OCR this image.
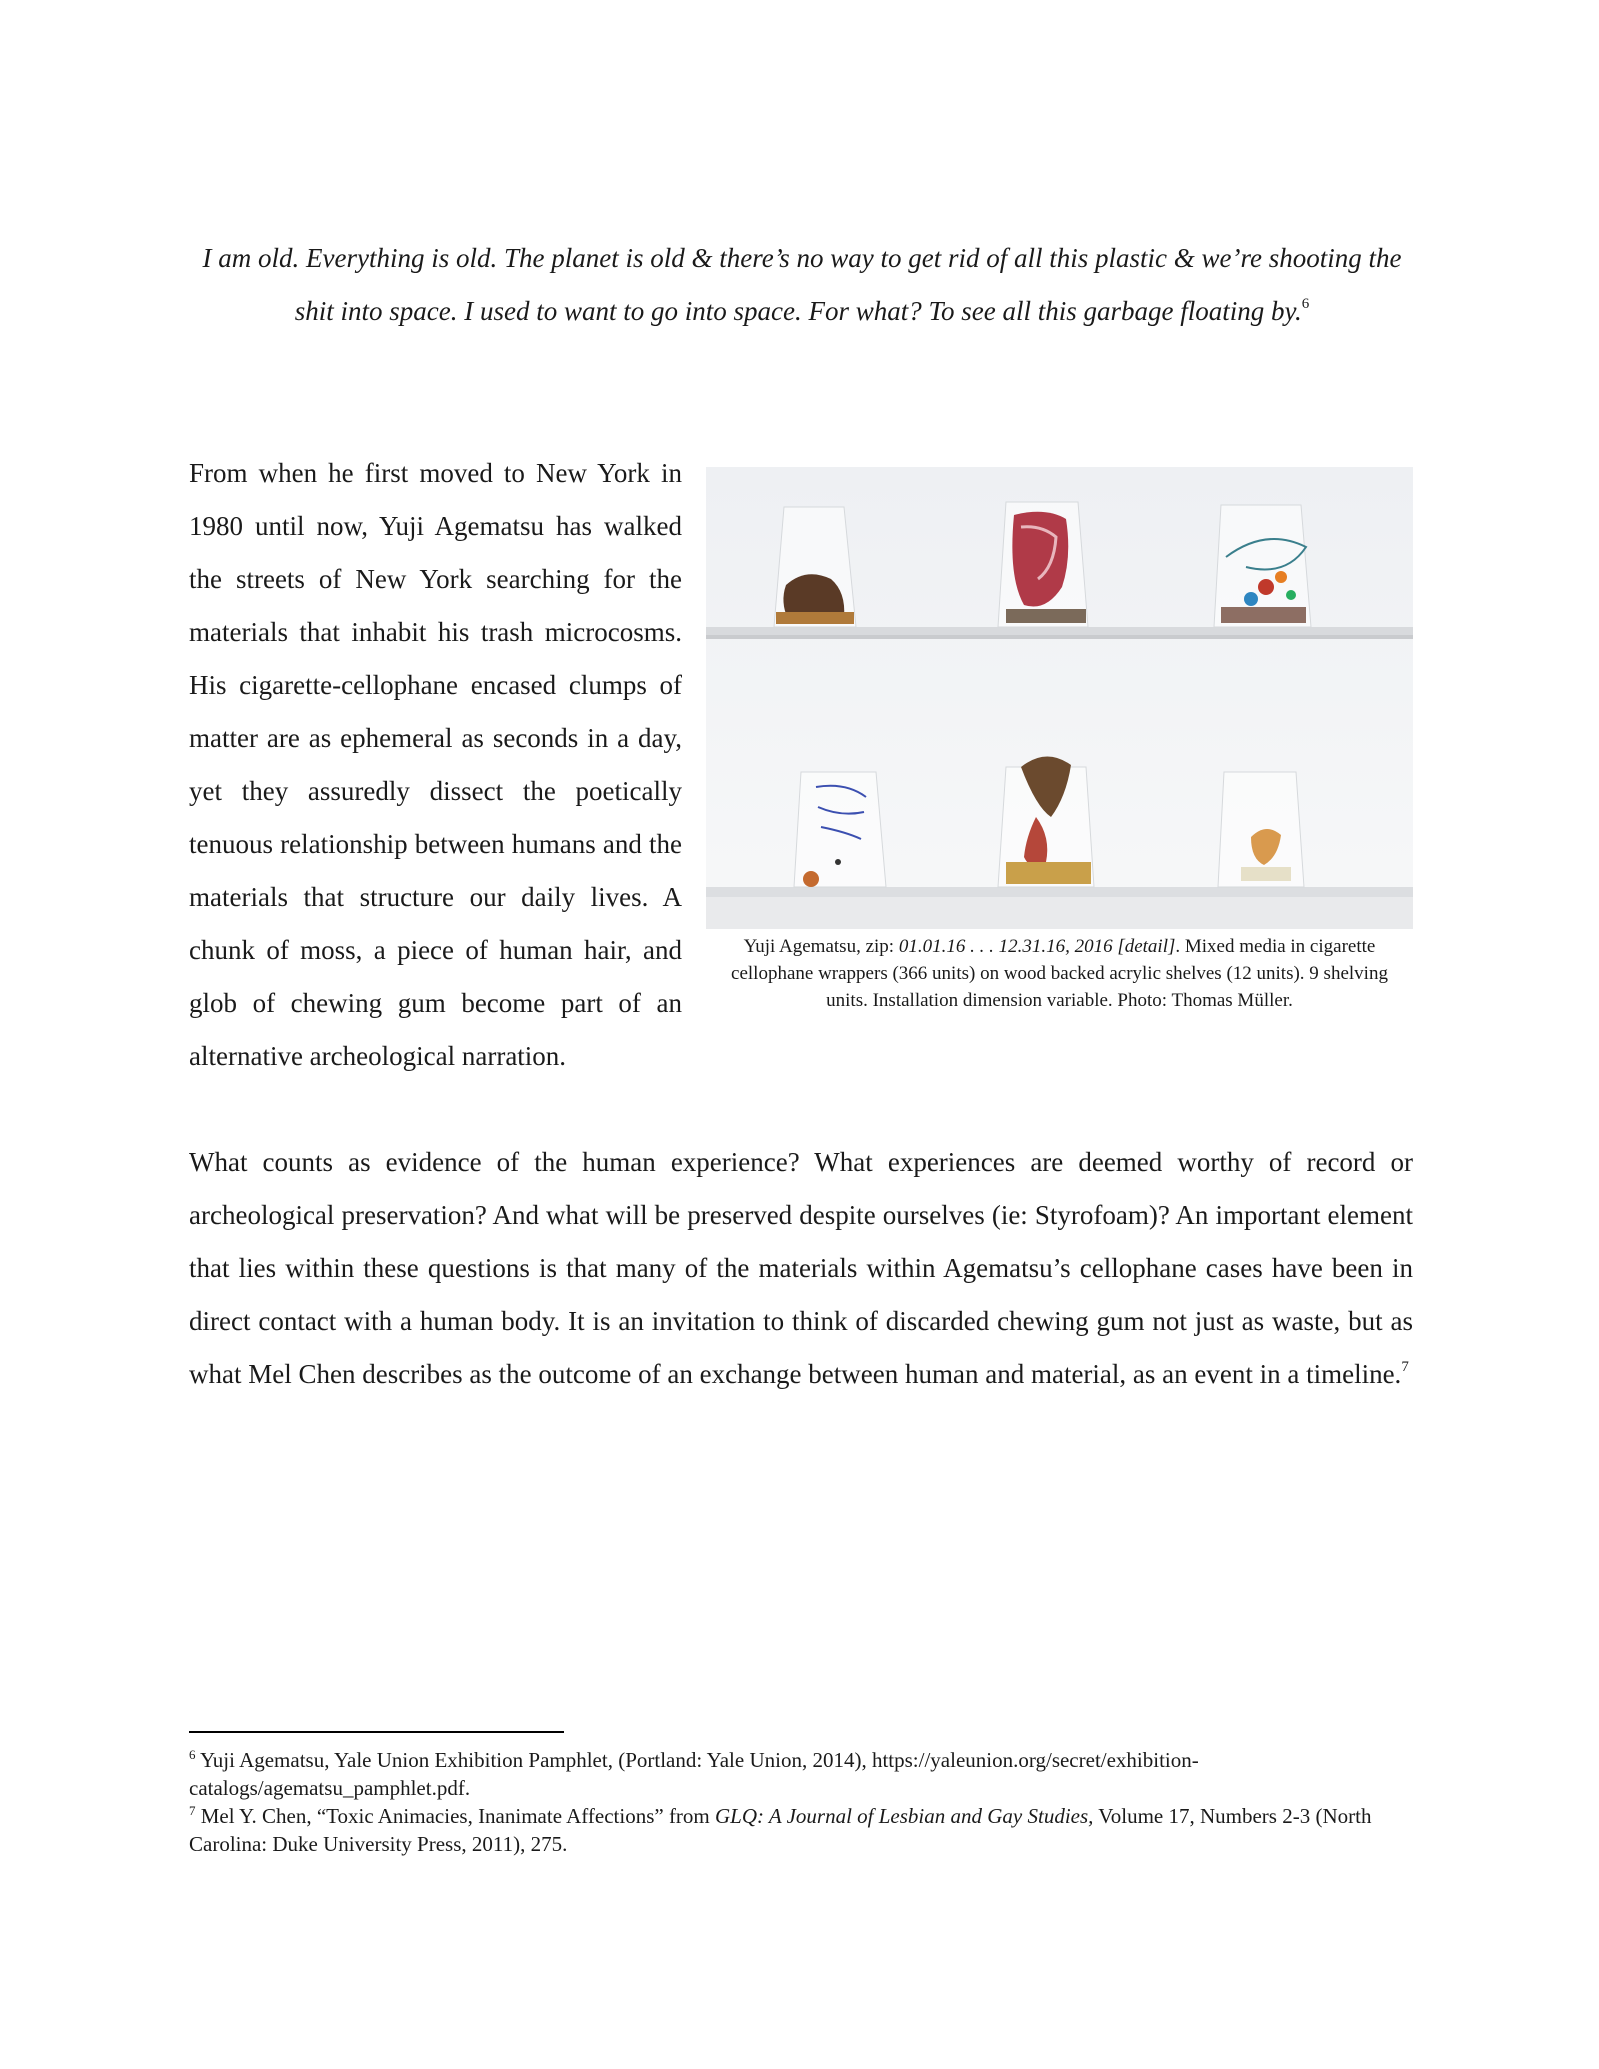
I am old. Everything is old. The planet is old & there’s no way to get rid of all this plastic & we’re shooting the shit into space. I used to want to go into space. For what? To see all this garbage floating by.$^6$
Yuji Agematsu, zip: 01.01.16 . . . 12.31.16, 2016 [detail]. Mixed media in cigarette cellophane wrappers (366 units) on wood backed acrylic shelves (12 units). 9 shelving units. Installation dimension variable. Photo: Thomas Müller.

From when he first moved to New York in 1980 until now, Yuji Agematsu has walked the streets of New York searching for the materials that inhabit his trash microcosms. His cigarette-cellophane encased clumps of matter are as ephemeral as seconds in a day, yet they assuredly dissect the poetically tenuous relationship between humans and the materials that structure our daily lives. A chunk of moss, a piece of human hair, and glob of chewing gum become part of an alternative archeological narration.

What counts as evidence of the human experience? What experiences are deemed worthy of record or archeological preservation? And what will be preserved despite ourselves (ie: Styrofoam)? An important element that lies within these questions is that many of the materials within Agematsu’s cellophane cases have been in direct contact with a human body. It is an invitation to think of discarded chewing gum not just as waste, but as what Mel Chen describes as the outcome of an exchange between human and material, as an event in a timeline.$^7$

$^6$ Yuji Agematsu, Yale Union Exhibition Pamphlet, (Portland: Yale Union, 2014), https://yaleunion.org/secret/exhibition-catalogs/agematsu_pamphlet.pdf.

$^7$ Mel Y. Chen, “Toxic Animacies, Inanimate Affections” from GLQ: A Journal of Lesbian and Gay Studies, Volume 17, Numbers 2-3 (North Carolina: Duke University Press, 2011), 275.
